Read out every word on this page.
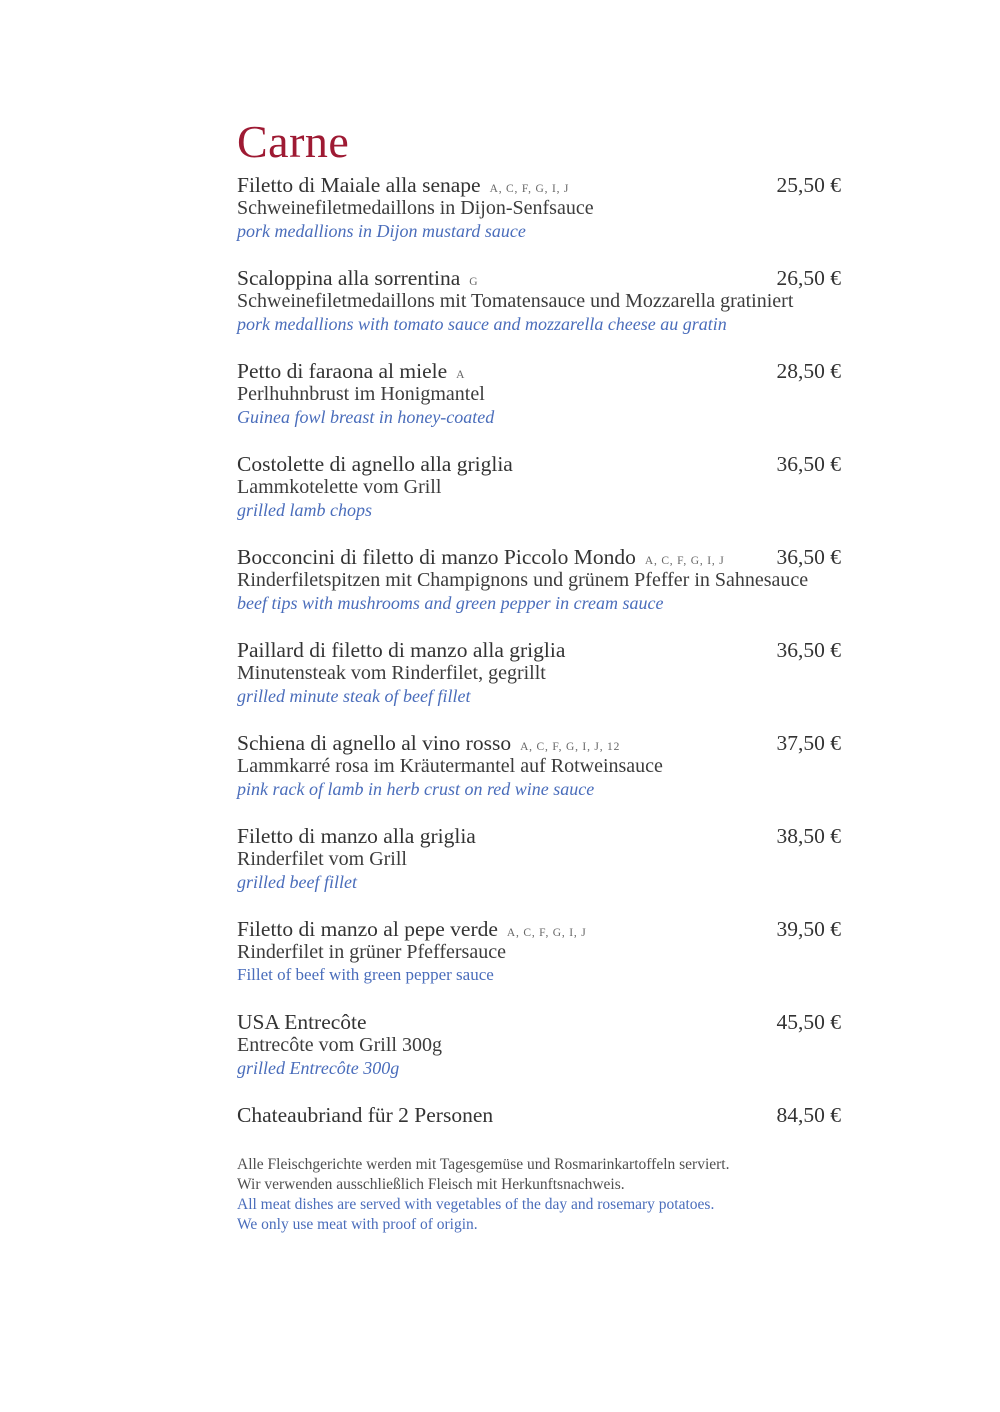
Carne
Filetto di Maiale alla senape A, C, F, G, I, J	25,50 €
Schweinefiletmedaillons in Dijon-Senfsauce
pork medallions in Dijon mustard sauce
Scaloppina alla sorrentina G	26,50 €
Schweinefiletmedaillons mit Tomatensauce und Mozzarella gratiniert
pork medallions with tomato sauce and mozzarella cheese au gratin
Petto di faraona al miele A	28,50 €
Perlhuhnbrust im Honigmantel
Guinea fowl breast in honey-coated
Costolette di agnello alla griglia	36,50 €
Lammkotelette vom Grill
grilled lamb chops
Bocconcini di filetto di manzo Piccolo Mondo A, C, F, G, I, J	36,50 €
Rinderfiletspitzen mit Champignons und grünem Pfeffer in Sahnesauce
beef tips with mushrooms and green pepper in cream sauce
Paillard di filetto di manzo alla griglia	36,50 €
Minutensteak vom Rinderfilet, gegrillt
grilled minute steak of beef fillet
Schiena di agnello al vino rosso A, C, F, G, I, J, 12	37,50 €
Lammkarré rosa im Kräutermantel auf Rotweinsauce
pink rack of lamb in herb crust on red wine sauce
Filetto di manzo alla griglia	38,50 €
Rinderfilet vom Grill
grilled beef fillet
Filetto di manzo al pepe verde A, C, F, G, I, J	39,50 €
Rinderfilet in grüner Pfeffersauce
Fillet of beef with green pepper sauce
USA Entrecôte	45,50 €
Entrecôte vom Grill 300g
grilled Entrecôte 300g
Chateaubriand für 2 Personen	84,50 €
Alle Fleischgerichte werden mit Tagesgemüse und Rosmarinkartoffeln serviert.
Wir verwenden ausschließlich Fleisch mit Herkunftsnachweis.
All meat dishes are served with vegetables of the day and rosemary potatoes.
We only use meat with proof of origin.
